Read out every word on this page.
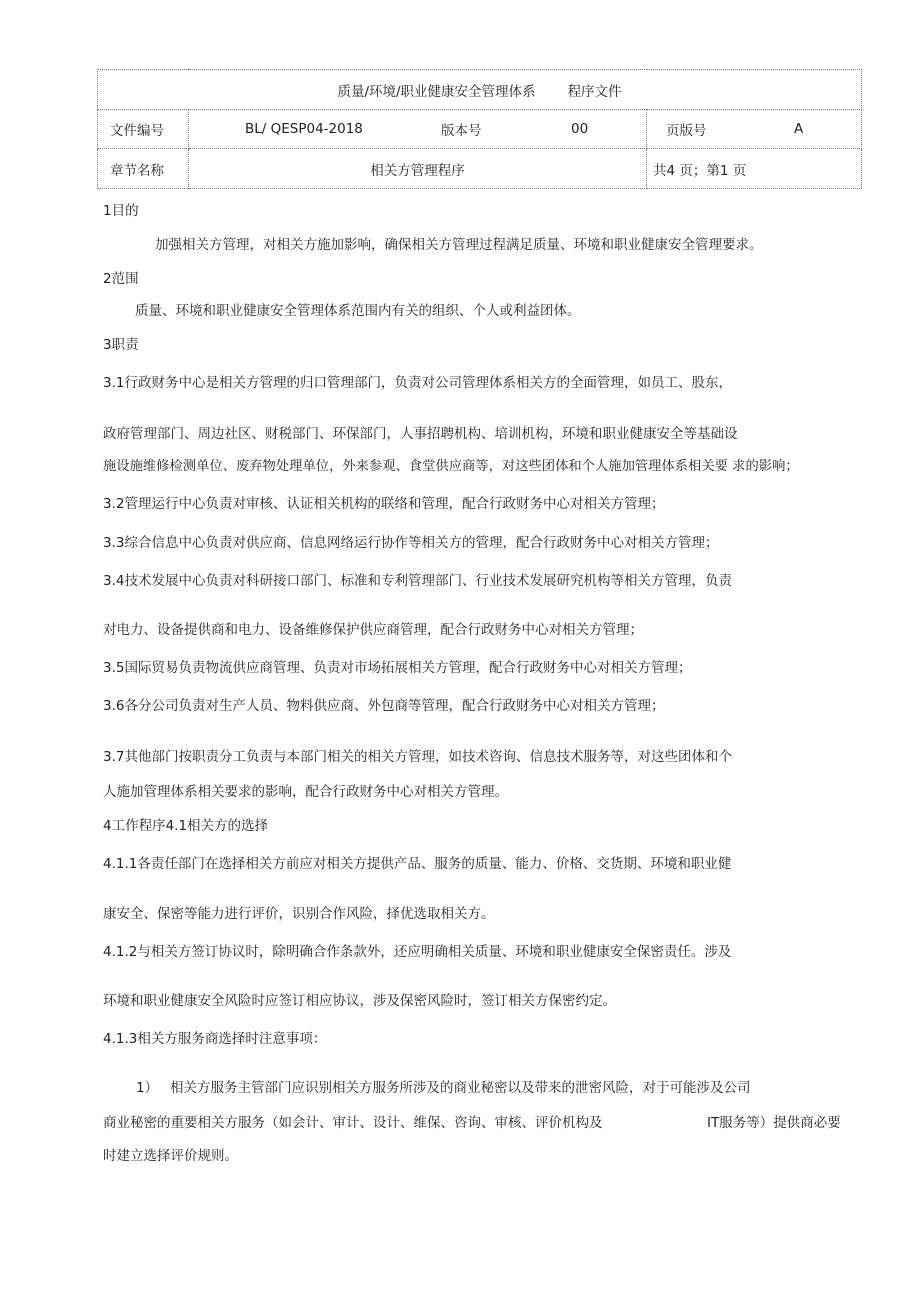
质量/环境/职业健康安全管理体系 程序文件		
文件编号	BL/ QESP04-2018 版本号 00	页版号 A

章节名称	相关方管理程序	共4 页；第1 页
1目的
加强相关方管理，对相关方施加影响，确保相关方管理过程满足质量、环境和职业健康安全管理要求。
2范围
质量、环境和职业健康安全管理体系范围内有关的组织、个人或利益团体。
3职责
3.1行政财务中心是相关方管理的归口管理部门，负责对公司管理体系相关方的全面管理，如员工、股东，
政府管理部门、周边社区、财税部门、环保部门，人事招聘机构、培训机构，环境和职业健康安全等基础设
施设施维修检测单位、废弃物处理单位，外来参观、食堂供应商等，对这些团体和个人施加管理体系相关要 求的影响；
3.2管理运行中心负责对审核、认证相关机构的联络和管理，配合行政财务中心对相关方管理；
3.3综合信息中心负责对供应商、信息网络运行协作等相关方的管理，配合行政财务中心对相关方管理；
3.4技术发展中心负责对科研接口部门、标准和专利管理部门、行业技术发展研究机构等相关方管理，负责
对电力、设备提供商和电力、设备维修保护供应商管理，配合行政财务中心对相关方管理；
3.5国际贸易负责物流供应商管理、负责对市场拓展相关方管理，配合行政财务中心对相关方管理；
3.6各分公司负责对生产人员、物料供应商、外包商等管理，配合行政财务中心对相关方管理；
3.7其他部门按职责分工负责与本部门相关的相关方管理，如技术咨询、信息技术服务等，对这些团体和个
人施加管理体系相关要求的影响，配合行政财务中心对相关方管理。
4工作程序4.1相关方的选择
4.1.1各责任部门在选择相关方前应对相关方提供产品、服务的质量、能力、价格、交货期、环境和职业健
康安全、保密等能力进行评价，识别合作风险，择优选取相关方。
4.1.2与相关方签订协议时，除明确合作条款外，还应明确相关质量、环境和职业健康安全保密责任。涉及
环境和职业健康安全风险时应签订相应协议，涉及保密风险时，签订相关方保密约定。
4.1.3相关方服务商选择时注意事项：
1） 相关方服务主管部门应识别相关方服务所涉及的商业秘密以及带来的泄密风险，对于可能涉及公司
商业秘密的重要相关方服务（如会计、审计、设计、维保、咨询、审核、评价机构及	IT服务等）提供商必要
时建立选择评价规则。
